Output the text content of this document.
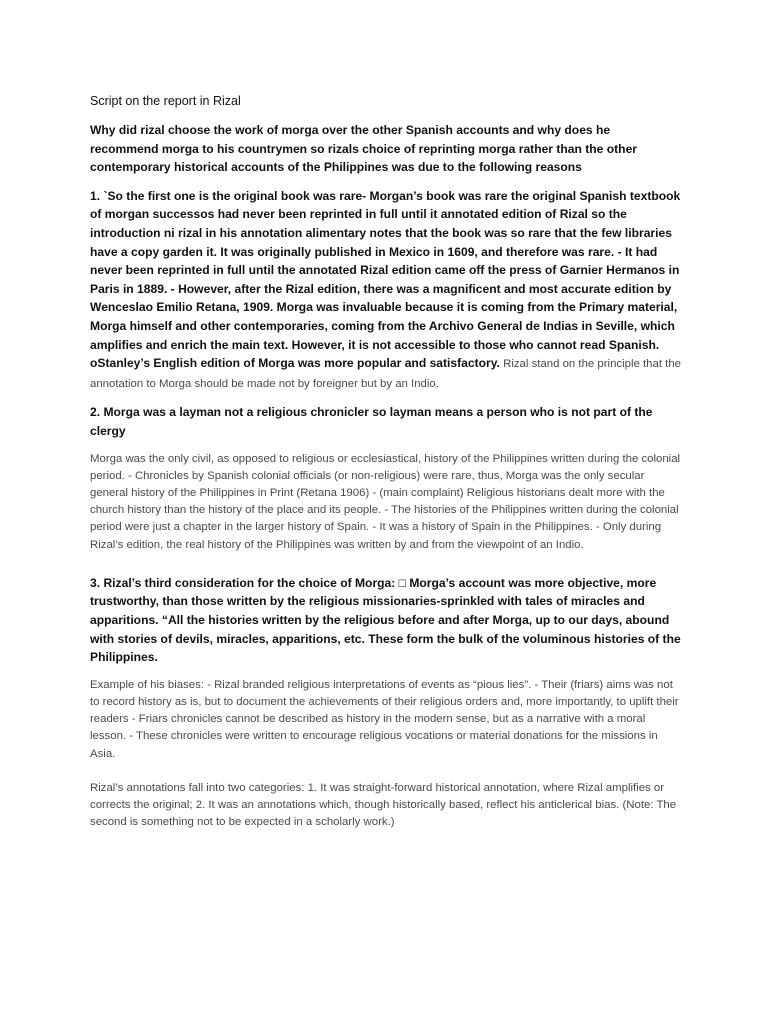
Script on the report in Rizal

Why did rizal choose the work of morga over the other Spanish accounts and why does he recommend morga to his countrymen so rizals choice of reprinting morga rather than the other contemporary historical accounts of the Philippines was due to the following reasons

1. `So the first one is the original book was rare- Morgan’s book was rare the original Spanish textbook of morgan successos had never been reprinted in full until it annotated edition of Rizal so the introduction ni rizal in his annotation alimentary notes that the book was so rare that the few libraries have a copy garden it. It was originally published in Mexico in 1609, and therefore was rare. - It had never been reprinted in full until the annotated Rizal edition came off the press of Garnier Hermanos in Paris in 1889. - However, after the Rizal edition, there was a magnificent and most accurate edition by Wenceslao Emilio Retana, 1909. Morga was invaluable because it is coming from the Primary material, Morga himself and other contemporaries, coming from the Archivo General de Indias in Seville, which amplifies and enrich the main text. However, it is not accessible to those who cannot read Spanish. oStanley’s English edition of Morga was more popular and satisfactory. Rizal stand on the principle that the annotation to Morga should be made not by foreigner but by an Indio.

2. Morga was a layman not a religious chronicler so layman means a person who is not part of the clergy

Morga was the only civil, as opposed to religious or ecclesiastical, history of the Philippines written during the colonial period. - Chronicles by Spanish colonial officials (or non-religious) were rare, thus, Morga was the only secular general history of the Philippines in Print (Retana 1906) - (main complaint) Religious historians dealt more with the church history than the history of the place and its people. - The histories of the Philippines written during the colonial period were just a chapter in the larger history of Spain. - It was a history of Spain in the Philippines. - Only during Rizal’s edition, the real history of the Philippines was written by and from the viewpoint of an Indio.

3. Rizal’s third consideration for the choice of Morga: □ Morga’s account was more objective, more trustworthy, than those written by the religious missionaries-sprinkled with tales of miracles and apparitions. “All the histories written by the religious before and after Morga, up to our days, abound with stories of devils, miracles, apparitions, etc. These form the bulk of the voluminous histories of the Philippines.

Example of his biases: - Rizal branded religious interpretations of events as “pious lies”. - Their (friars) aims was not to record history as is, but to document the achievements of their religious orders and, more importantly, to uplift their readers - Friars chronicles cannot be described as history in the modern sense, but as a narrative with a moral lesson. - These chronicles were written to encourage religious vocations or material donations for the missions in Asia.

Rizal’s annotations fall into two categories: 1. It was straight-forward historical annotation, where Rizal amplifies or corrects the original; 2. It was an annotations which, though historically based, reflect his anticlerical bias. (Note: The second is something not to be expected in a scholarly work.)
